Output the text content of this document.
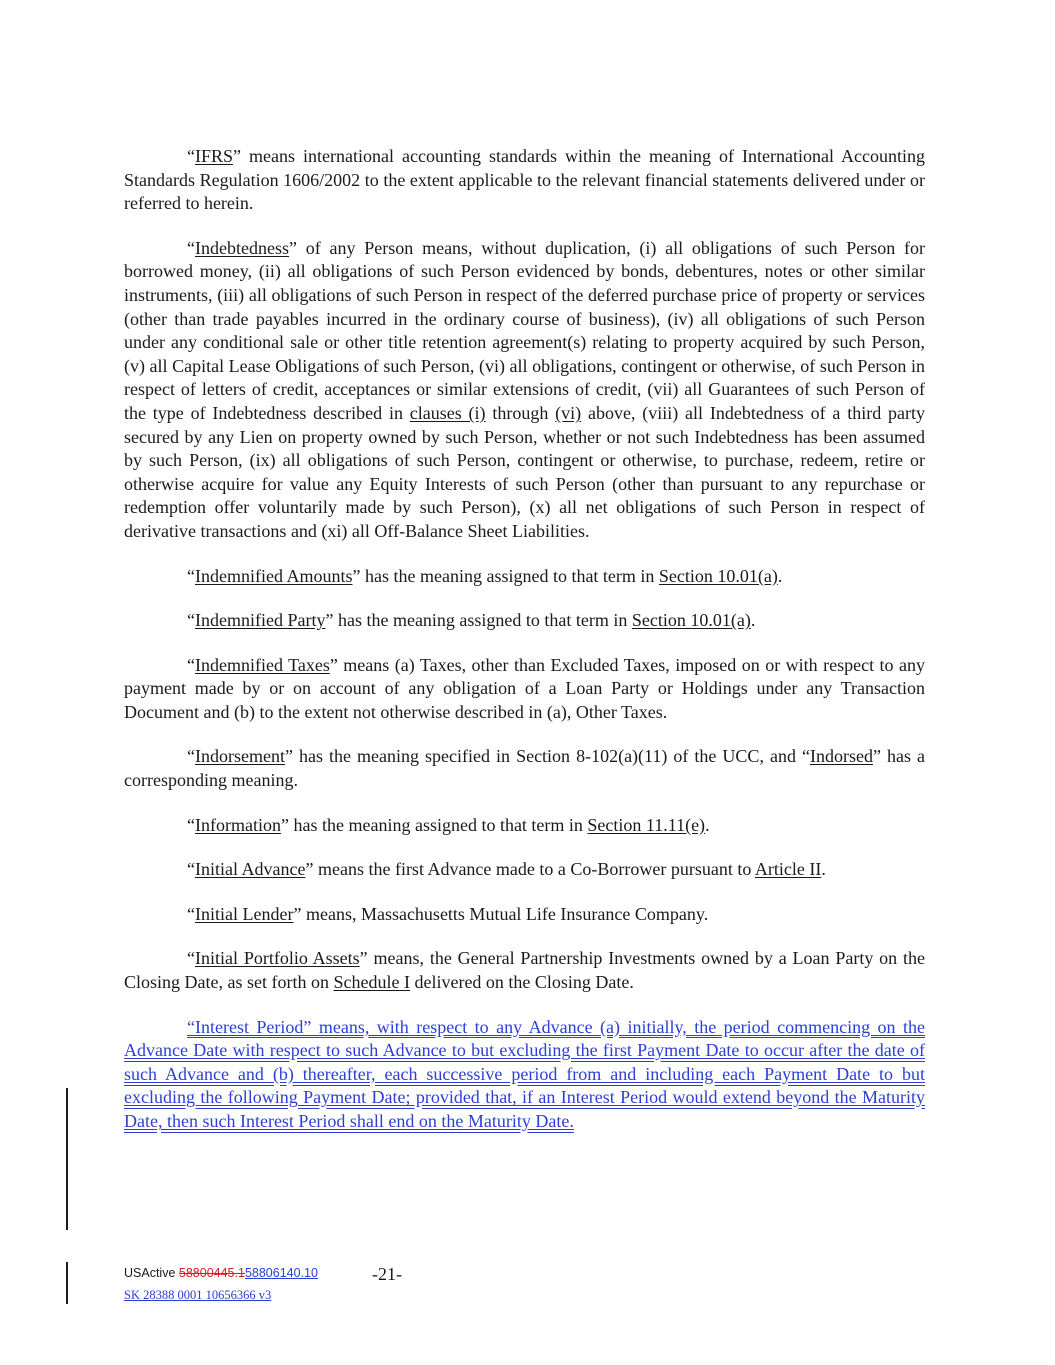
“IFRS” means international accounting standards within the meaning of International Accounting Standards Regulation 1606/2002 to the extent applicable to the relevant financial statements delivered under or referred to herein.

“Indebtedness” of any Person means, without duplication, (i) all obligations of such Person for borrowed money, (ii) all obligations of such Person evidenced by bonds, debentures, notes or other similar instruments, (iii) all obligations of such Person in respect of the deferred purchase price of property or services (other than trade payables incurred in the ordinary course of business), (iv) all obligations of such Person under any conditional sale or other title retention agreement(s) relating to property acquired by such Person, (v) all Capital Lease Obligations of such Person, (vi) all obligations, contingent or otherwise, of such Person in respect of letters of credit, acceptances or similar extensions of credit, (vii) all Guarantees of such Person of the type of Indebtedness described in clauses (i) through (vi) above, (viii) all Indebtedness of a third party secured by any Lien on property owned by such Person, whether or not such Indebtedness has been assumed by such Person, (ix) all obligations of such Person, contingent or otherwise, to purchase, redeem, retire or otherwise acquire for value any Equity Interests of such Person (other than pursuant to any repurchase or redemption offer voluntarily made by such Person), (x) all net obligations of such Person in respect of derivative transactions and (xi) all Off-Balance Sheet Liabilities.

“Indemnified Amounts” has the meaning assigned to that term in Section 10.01(a).

“Indemnified Party” has the meaning assigned to that term in Section 10.01(a).

“Indemnified Taxes” means (a) Taxes, other than Excluded Taxes, imposed on or with respect to any payment made by or on account of any obligation of a Loan Party or Holdings under any Transaction Document and (b) to the extent not otherwise described in (a), Other Taxes.

“Indorsement” has the meaning specified in Section 8-102(a)(11) of the UCC, and “Indorsed” has a corresponding meaning.

“Information” has the meaning assigned to that term in Section 11.11(e).

“Initial Advance” means the first Advance made to a Co-Borrower pursuant to Article II.

“Initial Lender” means, Massachusetts Mutual Life Insurance Company.

“Initial Portfolio Assets” means, the General Partnership Investments owned by a Loan Party on the Closing Date, as set forth on Schedule I delivered on the Closing Date.

“Interest Period” means, with respect to any Advance (a) initially, the period commencing on the Advance Date with respect to such Advance to but excluding the first Payment Date to occur after the date of such Advance and (b) thereafter, each successive period from and including each Payment Date to but excluding the following Payment Date; provided that, if an Interest Period would extend beyond the Maturity Date, then such Interest Period shall end on the Maturity Date.

USActive 58800445.158806140.10	-21-
SK 28388 0001 10656366 v3
